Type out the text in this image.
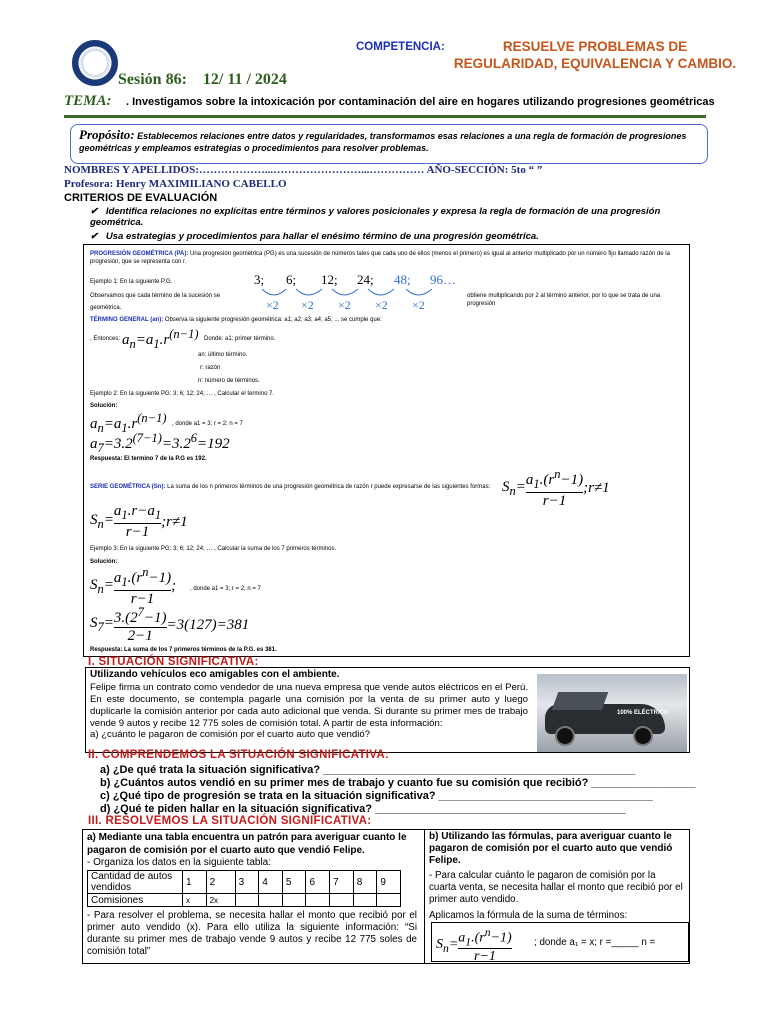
Sesión 86: 12/ 11 / 2024
COMPETENCIA:	RESUELVE PROBLEMAS DE REGULARIDAD, EQUIVALENCIA Y CAMBIO.
TEMA: . Investigamos sobre la intoxicación por contaminación del aire en hogares utilizando progresiones geométricas

Propósito: Establecemos relaciones entre datos y regularidades, transformamos esas relaciones a una regla de formación de progresiones geométricas y empleamos estrategias o procedimientos para resolver problemas.

NOMBRES Y APELLIDOS:………………...……………………...…………… AÑO-SECCIÓN: 5to “ ”
Profesora: Henry MAXIMILIANO CABELLO
CRITERIOS DE EVALUACIÓN
✔   Identifica relaciones no explícitas entre términos y valores posicionales y expresa la regla de formación de una progresión geométrica.
✔   Usa estrategias y procedimientos para hallar el enésimo término de una progresión geométrica.
PROGRESIÓN GEOMÉTRICA (PA): Una progresión geométrica (PG) es una sucesión de números tales que cada uno de ellos (menos el primero) es igual al anterior multiplicado por un número fijo llamado razón de la progresión, que se representa con r.
Ejemplo 1: En la siguiente P.G.
Observamos que cada término de la sucesión se	obtiene multiplicando por 2 al término anterior, por lo que se trata de una progresión
geométrica.
3; 6; 12; 24; 48; 96…
×2 ×2 ×2 ×2 ×2
TÉRMINO GENERAL (an): Observa la siguiente progresión geométrica: a1; a2; a3; a4; a5; ... se cumple que:
, Entonces: $a_n=a_1.r^{(n-1)}$ Donde: a1: primer término.
an: último término.
r: razón
n: número de términos.
Ejemplo 2: En la siguiente PG: 3; 6; 12; 24; … , Calcular el termino 7.
Solución:
$a_n=a_1.r^{(n-1)}$ , donde a1 = 3; r = 2; n = 7
$a_7=3.2^{(7-1)}=3.2^6=192$
Respuesta: El termino 7 de la P.G es 192.
SERIE GEOMÉTRICA (Sn): La suma de los n primeros términos de una progresión geométrica de razón r puede expresarse de las siguientes formas: $S_n= \frac{a_1.(r^n-1)}{r-1}$ ;r≠1
$S_n= \frac{a_1.r-a_1}{r-1}$ ;r≠1
Ejemplo 3: En la siguiente PG: 3; 6; 12; 24; … , Calcular la suma de los 7 primeros términos.
Solución:
$S_n= \frac{a_1.(r^n-1)}{r-1}$ ; , donde a1 = 3; r = 2; n = 7
$S_7= \frac{3.(2^7-1)}{2-1} =3(127)=381$
Respuesta: La suma de los 7 primeros términos de la P.G. es 381.
I. SITUACIÓN SIGNIFICATIVA:
Utilizando vehículos eco amigables con el ambiente.
Felipe firma un contrato como vendedor de una nueva empresa que vende autos eléctricos en el Perú. En este documento, se contempla pagarle una comisión por la venta de su primer auto y luego duplicarle la comisión anterior por cada auto adicional que venda. Si durante su primer mes de trabajo vende 9 autos y recibe 12 775 soles de comisión total. A partir de esta información:
a) ¿cuánto le pagaron de comisión por el cuarto auto que vendió?
100% ELÉCTRICO
II. COMPRENDEMOS LA SITUACIÓN SIGNIFICATIVA:
a) ¿De qué trata la situación significativa? ___________________________________________________
b) ¿Cuántos autos vendió en su primer mes de trabajo y cuanto fue su comisión que recibió? _________________
c) ¿Qué tipo de progresión se trata en la situación significativa? ___________________________________
d) ¿Qué te piden hallar en la situación significativa? _________________________________________
III. RESOLVEMOS LA SITUACIÓN SIGNIFICATIVA:
a) Mediante una tabla encuentra un patrón para averiguar cuanto le pagaron de comisión por el cuarto auto que vendió Felipe.
- Organiza los datos en la siguiente tabla:
Cantidad de autos vendidos	1	2	3	4	5	6	7	8	9
Comisiones	x	2x							
- Para resolver el problema, se necesita hallar el monto que recibió por el primer auto vendido (x). Para ello utiliza la siguiente información: “Si durante su primer mes de trabajo vende 9 autos y recibe 12 775 soles de comisión total”
b) Utilizando las fórmulas, para averiguar cuanto le pagaron de comisión por el cuarto auto que vendió Felipe.
- Para calcular cuánto le pagaron de comisión por la cuarta venta, se necesita hallar el monto que recibió por el primer auto vendido.
Aplicamos la fórmula de la suma de términos:
$S_n= \frac{a_1.(r^n-1)}{r-1}$ ; donde a₁ = x; r =_____ n =
